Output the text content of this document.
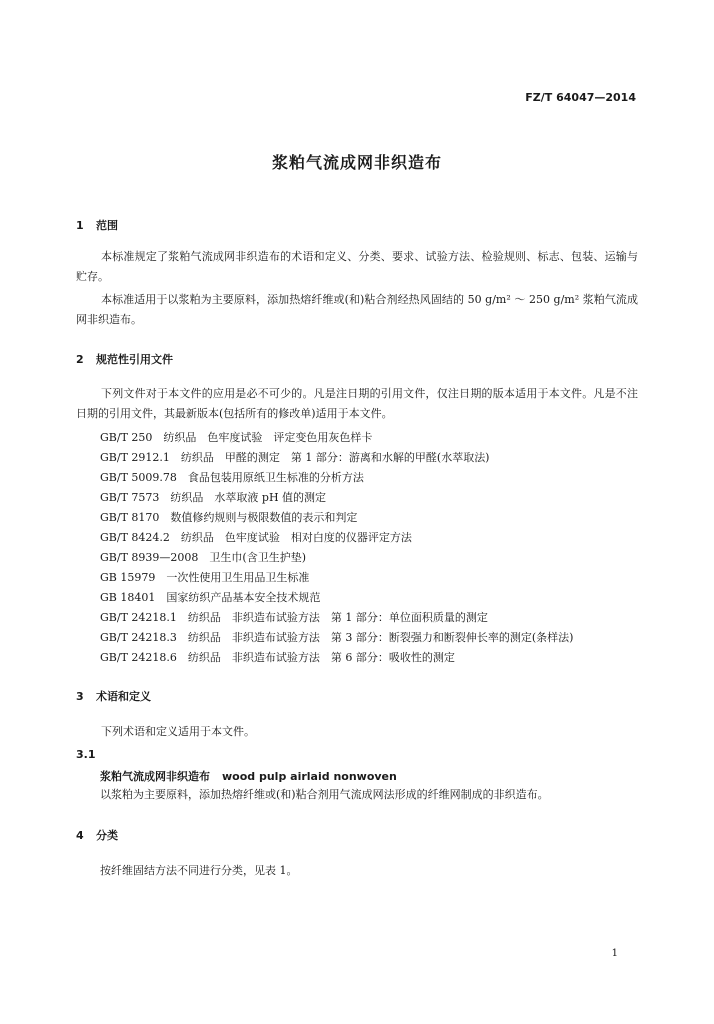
FZ/T 64047—2014
浆粕气流成网非织造布
1 范围
本标准规定了浆粕气流成网非织造布的术语和定义、分类、要求、试验方法、检验规则、标志、包装、运输与贮存。
本标准适用于以浆粕为主要原料，添加热熔纤维或(和)粘合剂经热风固结的 50 g/m² ～ 250 g/m² 浆粕气流成网非织造布。
2 规范性引用文件
下列文件对于本文件的应用是必不可少的。凡是注日期的引用文件，仅注日期的版本适用于本文件。凡是不注日期的引用文件，其最新版本(包括所有的修改单)适用于本文件。
GB/T 250 纺织品　色牢度试验　评定变色用灰色样卡
GB/T 2912.1 纺织品　甲醛的测定　第 1 部分：游离和水解的甲醛(水萃取法)
GB/T 5009.78 食品包装用原纸卫生标准的分析方法
GB/T 7573 纺织品　水萃取液 pH 值的测定
GB/T 8170 数值修约规则与极限数值的表示和判定
GB/T 8424.2 纺织品　色牢度试验　相对白度的仪器评定方法
GB/T 8939—2008 卫生巾(含卫生护垫)
GB 15979 一次性使用卫生用品卫生标准
GB 18401 国家纺织产品基本安全技术规范
GB/T 24218.1 纺织品　非织造布试验方法　第 1 部分：单位面积质量的测定
GB/T 24218.3 纺织品　非织造布试验方法　第 3 部分：断裂强力和断裂伸长率的测定(条样法)
GB/T 24218.6 纺织品　非织造布试验方法　第 6 部分：吸收性的测定
3 术语和定义
下列术语和定义适用于本文件。
3.1
浆粕气流成网非织造布 wood pulp airlaid nonwoven
以浆粕为主要原料，添加热熔纤维或(和)粘合剂用气流成网法形成的纤维网制成的非织造布。
4 分类
按纤维固结方法不同进行分类，见表 1。
1
